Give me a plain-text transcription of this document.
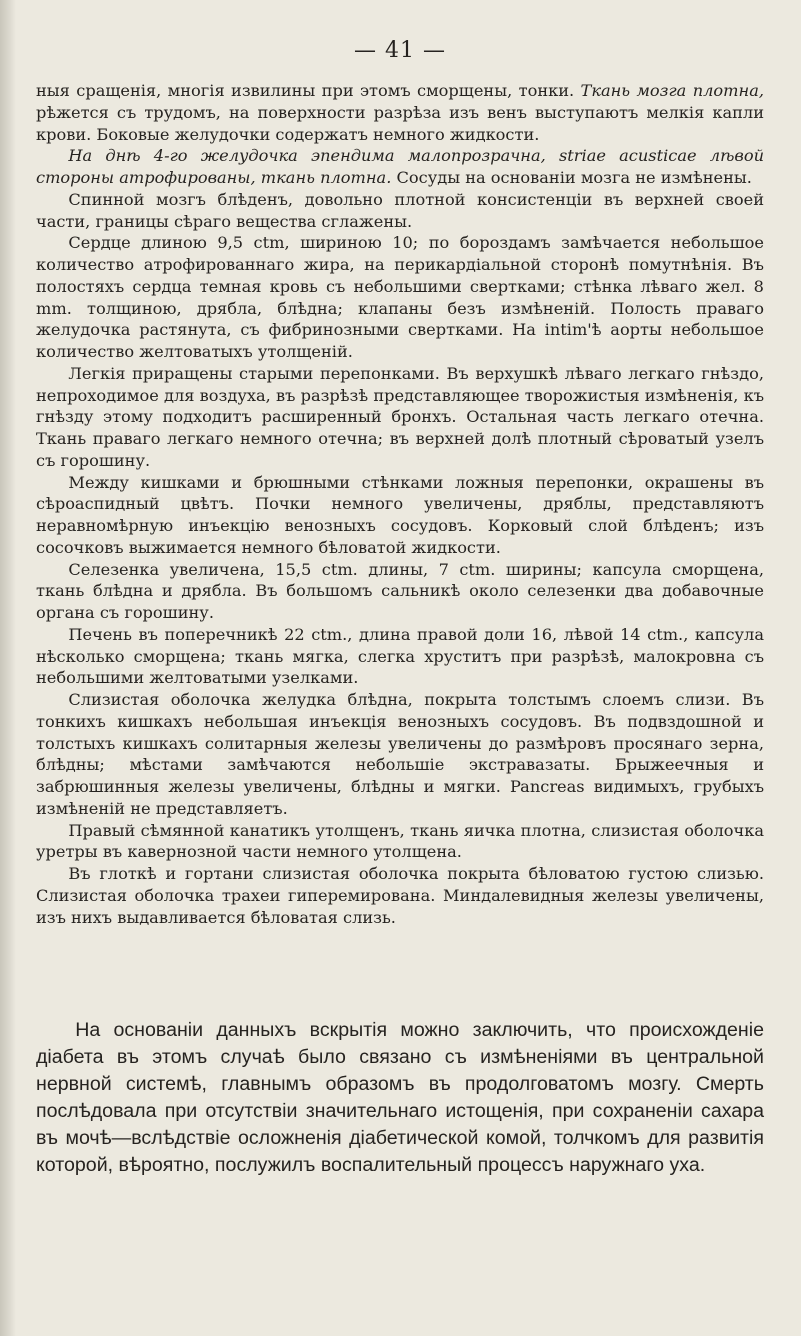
— 41 —

ныя сращенія, многія извилины при этомъ сморщены, тонки. Ткань мозга плотна, рѣжется съ трудомъ, на поверхности разрѣза изъ венъ выступаютъ мелкія капли крови. Боковые желудочки содержатъ немного жидкости.

На днѣ 4-го желудочка эпендима малопрозрачна, strіae acusticae лѣвой стороны атрофированы, ткань плотна. Сосуды на основаніи мозга не измѣнены.

Спинной мозгъ блѣденъ, довольно плотной консистенціи въ верхней своей части, границы сѣраго вещества сглажены.

Сердце длиною 9,5 ctm, шириною 10; по бороздамъ замѣчается небольшое количество атрофированнаго жира, на перикардіальной сторонѣ помутнѣнія. Въ полостяхъ сердца темная кровь съ небольшими свертками; стѣнка лѣваго жел. 8 mm. толщиною, дрябла, блѣдна; клапаны безъ измѣненій. Полость праваго желудочка растянута, съ фибринозными свертками. На intim'ѣ аорты небольшое количество желтоватыхъ утолщеній.

Легкія приращены старыми перепонками. Въ верхушкѣ лѣваго легкаго гнѣздо, непроходимое для воздуха, въ разрѣзѣ представляющее творожистыя измѣненія, къ гнѣзду этому подходитъ расширенный бронхъ. Остальная часть легкаго отечна. Ткань праваго легкаго немного отечна; въ верхней долѣ плотный сѣроватый узелъ съ горошину.

Между кишками и брюшными стѣнками ложныя перепонки, окрашены въ сѣроаспидный цвѣтъ. Почки немного увеличены, дряблы, представляютъ неравномѣрную инъекцію венозныхъ сосудовъ. Корковый слой блѣденъ; изъ сосочковъ выжимается немного бѣловатой жидкости.

Селезенка увеличена, 15,5 ctm. длины, 7 ctm. ширины; капсула сморщена, ткань блѣдна и дрябла. Въ большомъ сальникѣ около селезенки два добавочные органа съ горошину.

Печень въ поперечникѣ 22 ctm., длина правой доли 16, лѣвой 14 ctm., капсула нѣсколько сморщена; ткань мягка, слегка хруститъ при разрѣзѣ, малокровна съ небольшими желтоватыми узелками.

Слизистая оболочка желудка блѣдна, покрыта толстымъ слоемъ слизи. Въ тонкихъ кишкахъ небольшая инъекція венозныхъ сосудовъ. Въ подвздошной и толстыхъ кишкахъ солитарныя железы увеличены до размѣровъ просянаго зерна, блѣдны; мѣстами замѣчаются небольшіе экстравазаты. Брыжеечныя и забрюшинныя железы увеличены, блѣдны и мягки. Pancreas видимыхъ, грубыхъ измѣненій не представляетъ.

Правый сѣмянной канатикъ утолщенъ, ткань яичка плотна, слизистая оболочка уретры въ кавернозной части немного утолщена.

Въ глоткѣ и гортани слизистая оболочка покрыта бѣловатою густою слизью. Слизистая оболочка трахеи гиперемирована. Миндалевидныя железы увеличены, изъ нихъ выдавливается бѣловатая слизь.

На основаніи данныхъ вскрытія можно заключить, что происхожденіе діабета въ этомъ случаѣ было связано съ измѣненіями въ центральной нервной системѣ, главнымъ образомъ въ продолговатомъ мозгу. Смерть послѣдовала при отсутствіи значительнаго истощенія, при сохраненіи сахара въ мочѣ—вслѣдствіе осложненія діабетической комой, толчкомъ для развитія которой, вѣроятно, послужилъ воспалительный процессъ наружнаго уха.
